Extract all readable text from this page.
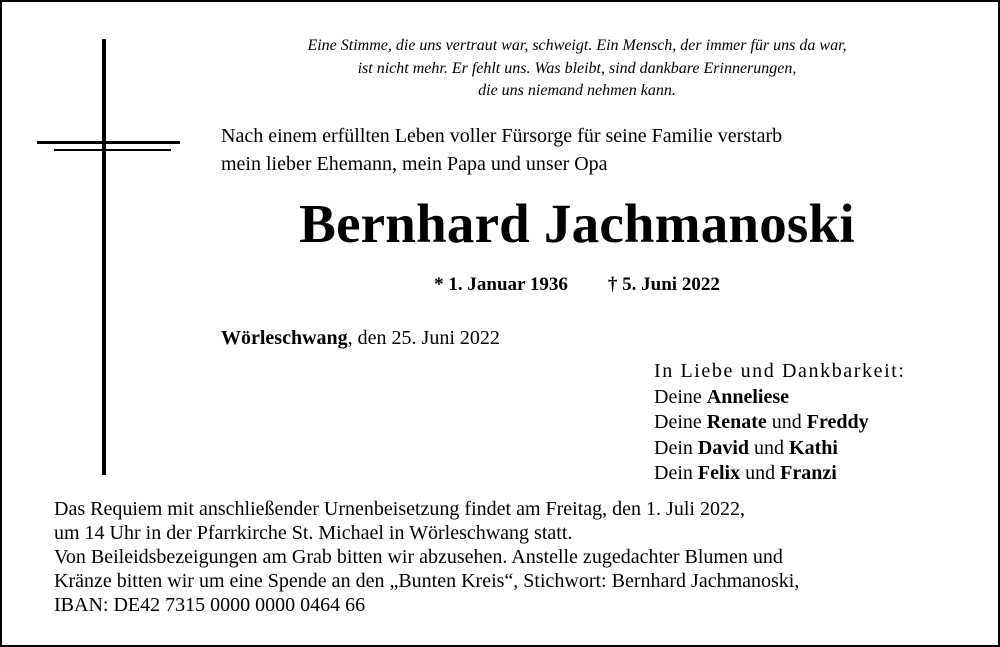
Eine Stimme, die uns vertraut war, schweigt. Ein Mensch, der immer für uns da war,
ist nicht mehr. Er fehlt uns. Was bleibt, sind dankbare Erinnerungen,
die uns niemand nehmen kann.
Nach einem erfüllten Leben voller Fürsorge für seine Familie verstarb
mein lieber Ehemann, mein Papa und unser Opa
Bernhard Jachmanoski
* 1. Januar 1936 † 5. Juni 2022
Wörleschwang, den 25. Juni 2022
In Liebe und Dankbarkeit:
Deine Anneliese
Deine Renate und Freddy
Dein David und Kathi
Dein Felix und Franzi
Das Requiem mit anschließender Urnenbeisetzung findet am Freitag, den 1. Juli 2022,
um 14 Uhr in der Pfarrkirche St. Michael in Wörleschwang statt.
Von Beileidsbezeigungen am Grab bitten wir abzusehen. Anstelle zugedachter Blumen und
Kränze bitten wir um eine Spende an den „Bunten Kreis“, Stichwort: Bernhard Jachmanoski,
IBAN: DE42 7315 0000 0000 0464 66
